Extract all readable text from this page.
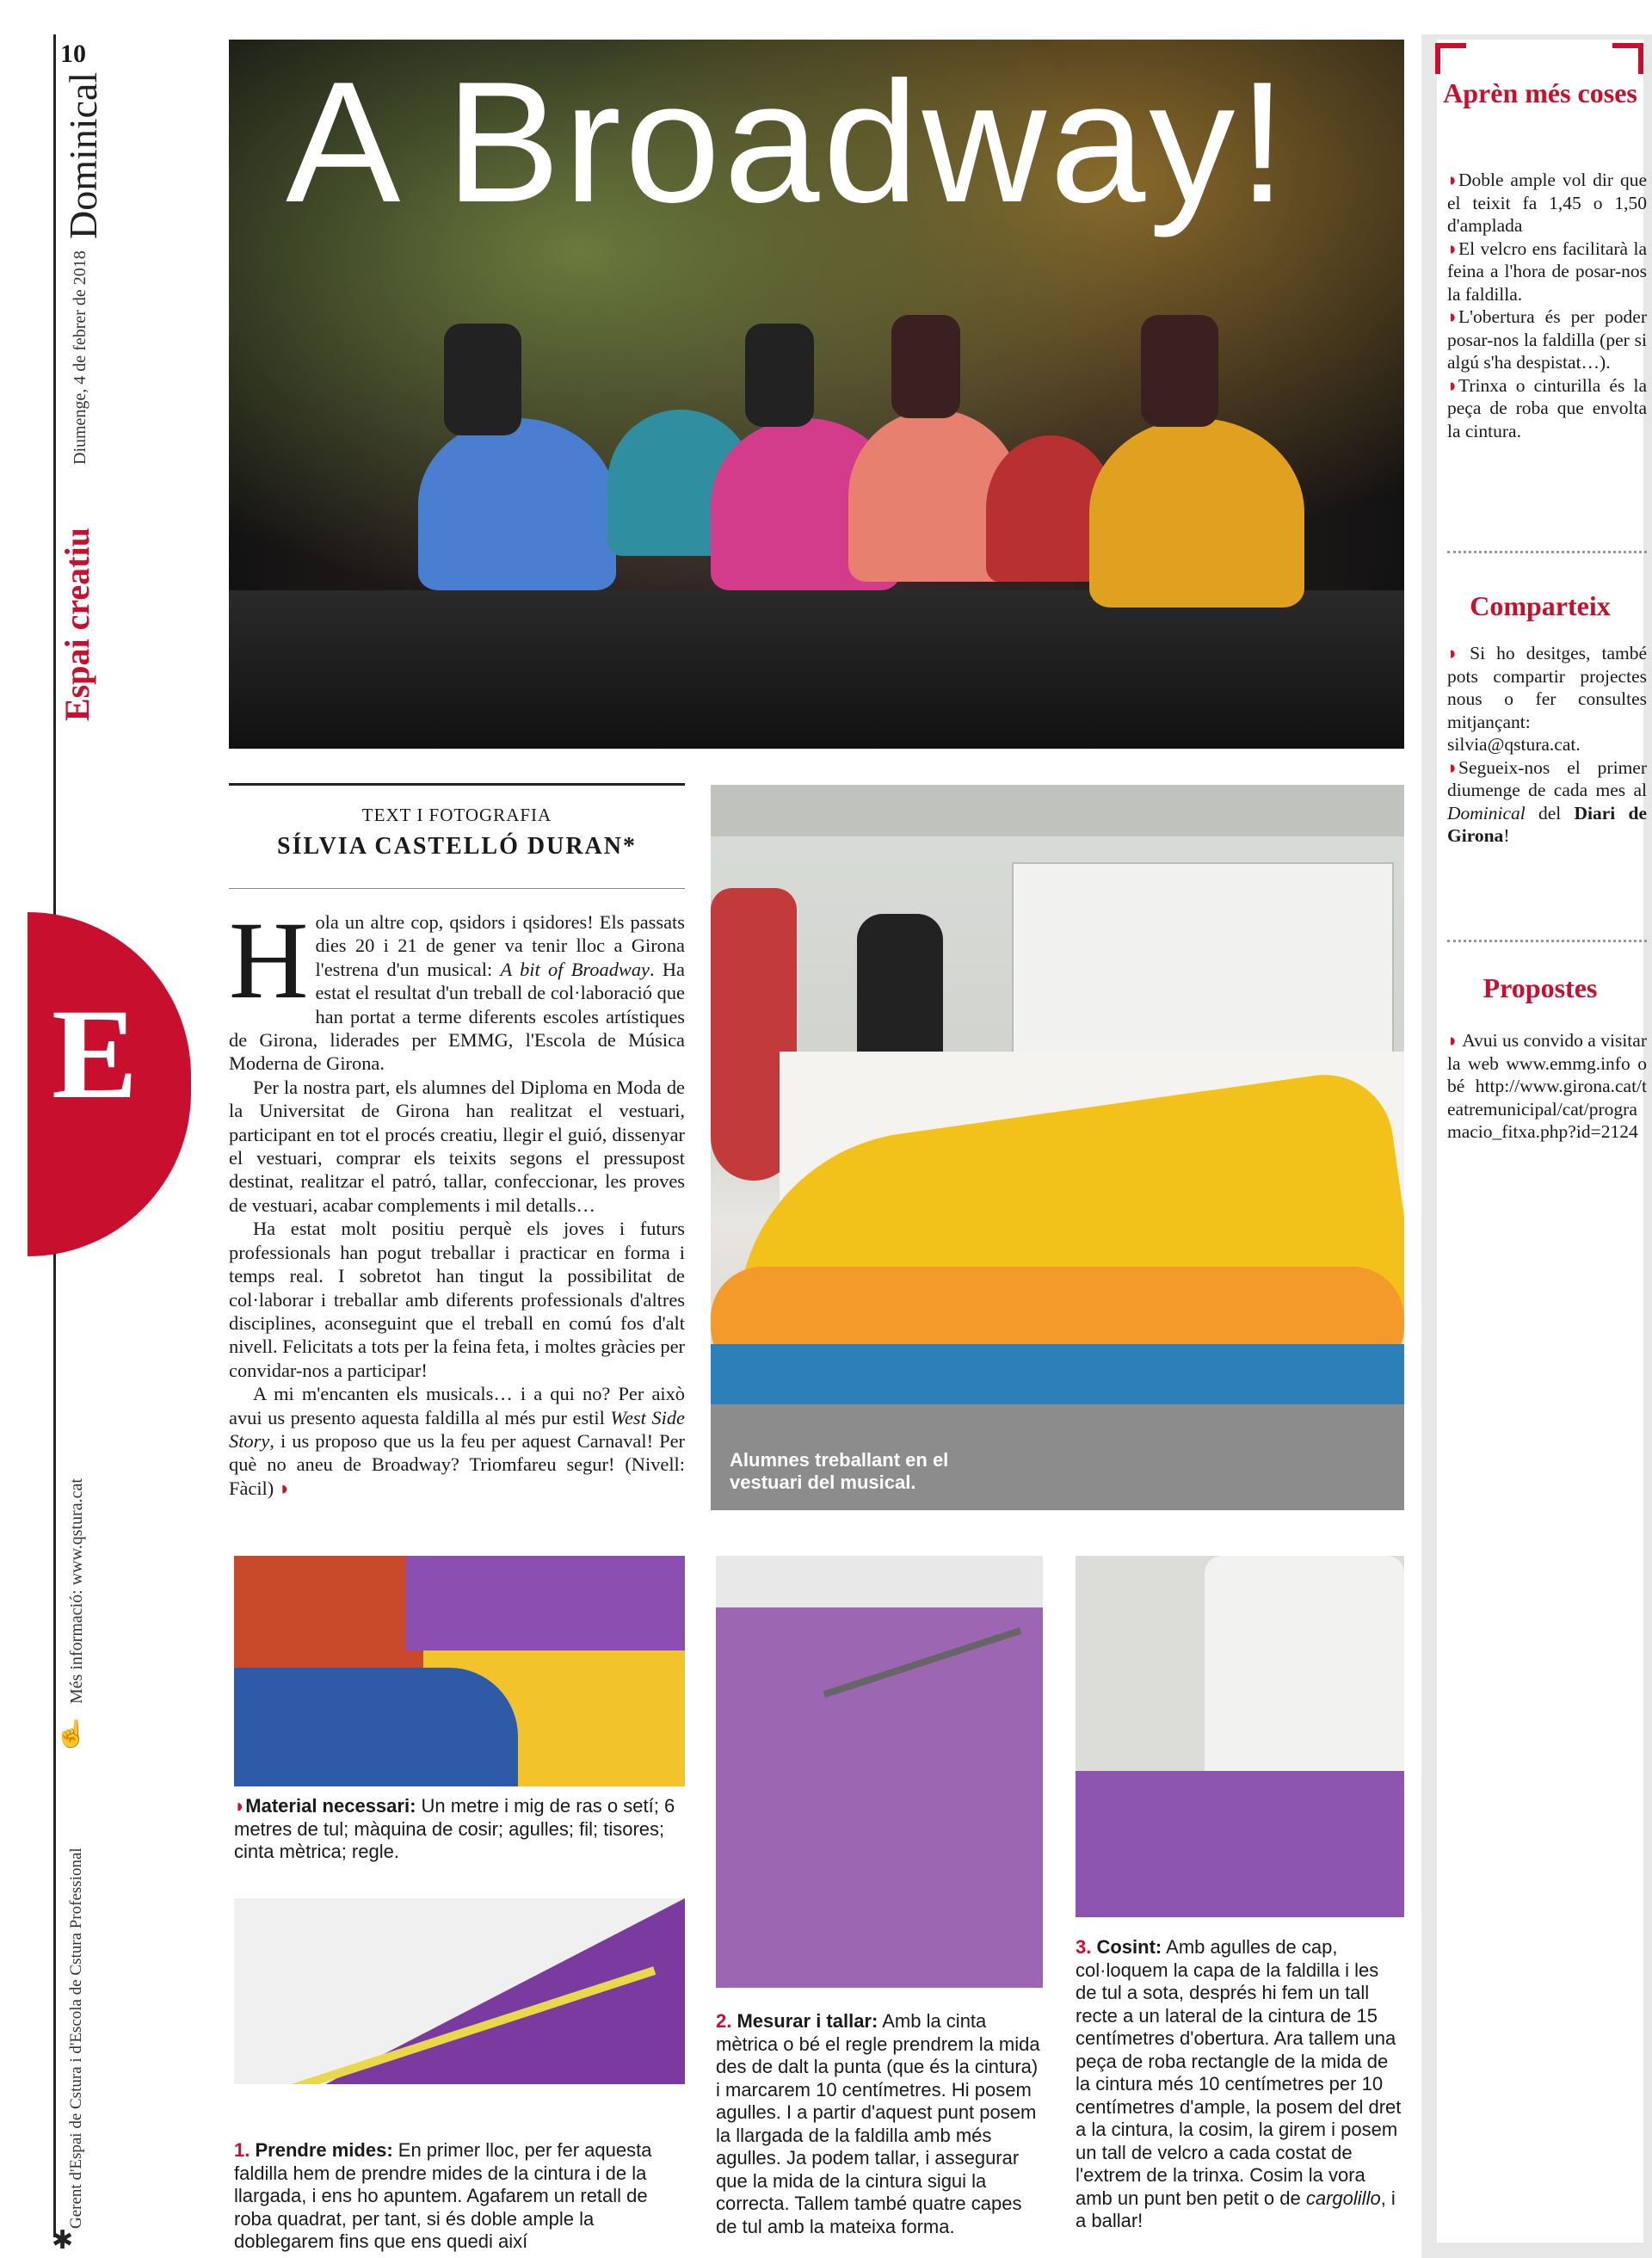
10
Dominical
Diumenge, 4 de febrer de 2018
Espai creatiu
E
☝
Més informació: www.qstura.cat
✱
Gerent d'Espai de Cstura i d'Escola de Cstura Professional
A Broadway!
TEXT I FOTOGRAFIA
SÍLVIA CASTELLÓ DURAN*

Hola un altre cop, qsidors i qsidores! Els passats dies 20 i 21 de gener va tenir lloc a Girona l'estrena d'un musical: A bit of Broadway. Ha estat el resultat d'un treball de col·laboració que han portat a terme diferents escoles artístiques de Girona, liderades per EMMG, l'Escola de Música Moderna de Girona.

Per la nostra part, els alumnes del Diploma en Moda de la Universitat de Girona han realitzat el vestuari, participant en tot el procés creatiu, llegir el guió, dissenyar el vestuari, comprar els teixits segons el pressupost destinat, realitzar el patró, tallar, confeccionar, les proves de vestuari, acabar complements i mil detalls…

Ha estat molt positiu perquè els joves i futurs professionals han pogut treballar i practicar en forma i temps real. I sobretot han tingut la possibilitat de col·laborar i treballar amb diferents professionals d'altres disciplines, aconseguint que el treball en comú fos d'alt nivell. Felicitats a tots per la feina feta, i moltes gràcies per convidar-nos a participar!

A mi m'encanten els musicals… i a qui no? Per això avui us presento aquesta faldilla al més pur estil West Side Story, i us proposo que us la feu per aquest Carnaval! Per què no aneu de Broadway? Triomfareu segur! (Nivell: Fàcil) ◗

Alumnes treballant en el vestuari del musical.
◗Material necessari: Un metre i mig de ras o setí; 6 metres de tul; màquina de cosir; agulles; fil; tisores; cinta mètrica; regle.
1. Prendre mides: En primer lloc, per fer aquesta faldilla hem de prendre mides de la cintura i de la llargada, i ens ho apuntem. Agafarem un retall de roba quadrat, per tant, si és doble ample la doblegarem fins que ens quedi així
2. Mesurar i tallar: Amb la cinta mètrica o bé el regle prendrem la mida des de dalt la punta (que és la cintura) i marcarem 10 centímetres. Hi posem agulles. I a partir d'aquest punt posem la llargada de la faldilla amb més agulles. Ja podem tallar, i assegurar que la mida de la cintura sigui la correcta. Tallem també quatre capes de tul amb la mateixa forma.
3. Cosint: Amb agulles de cap, col·loquem la capa de la faldilla i les de tul a sota, després hi fem un tall recte a un lateral de la cintura de 15 centímetres d'obertura. Ara tallem una peça de roba rectangle de la mida de la cintura més 10 centímetres per 10 centímetres d'ample, la posem del dret a la cintura, la cosim, la girem i posem un tall de velcro a cada costat de l'extrem de la trinxa. Cosim la vora amb un punt ben petit o de cargolillo, i a ballar!
Aprèn més coses
◗Doble ample vol dir que el teixit fa 1,45 o 1,50 d'amplada
◗El velcro ens facilitarà la feina a l'hora de posar-nos la faldilla.
◗L'obertura és per poder posar-nos la faldilla (per si algú s'ha despistat…).
◗Trinxa o cinturilla és la peça de roba que envolta la cintura.
Comparteix
◗ Si ho desitges, també pots compartir projectes nous o fer consultes mitjançant: silvia@qstura.cat.
◗Segueix-nos el primer diumenge de cada mes al Dominical del Diari de Girona!
Propostes
◗ Avui us convido a visitar la web www.emmg.info o bé http://www.girona.cat/teatremunicipal/cat/programacio_fitxa.php?id=2124
